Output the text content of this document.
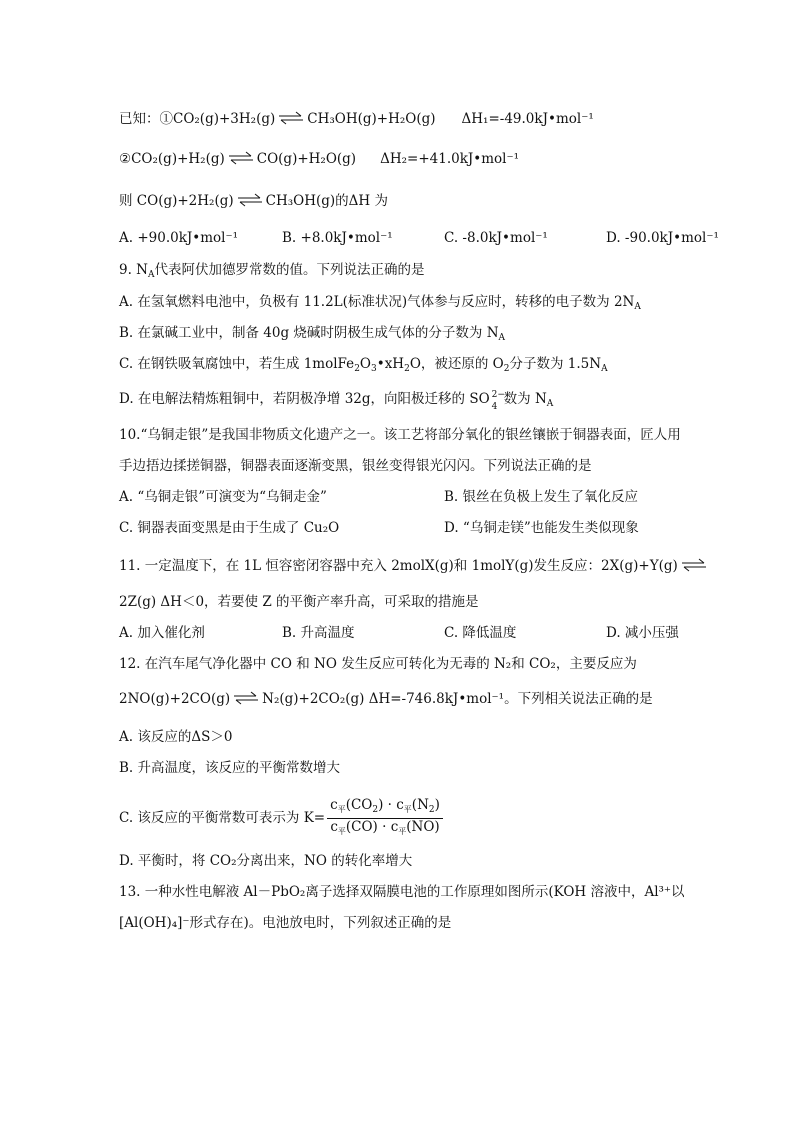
已知：①CO₂(g)+3H₂(g) CH₃OH(g)+H₂O(g) ΔH₁=-49.0kJ•mol⁻¹
②CO₂(g)+H₂(g) CO(g)+H₂O(g) ΔH₂=+41.0kJ•mol⁻¹
则 CO(g)+2H₂(g) CH₃OH(g)的ΔH 为
A. +90.0kJ•mol⁻¹	B. +8.0kJ•mol⁻¹	C. -8.0kJ•mol⁻¹	D. -90.0kJ•mol⁻¹
9. $N_A$代表阿伏加德罗常数的值。下列说法正确的是
A. 在氢氧燃料电池中，负极有 11.2L(标准状况)气体参与反应时，转移的电子数为 $2N_A$
B. 在氯碱工业中，制备 40g 烧碱时阴极生成气体的分子数为 $N_A$
C. 在钢铁吸氧腐蚀中，若生成 $1molFe_2O_3•xH_2O$，被还原的 $O_2$分子数为 $1.5N_A$
D. 在电解法精炼粗铜中，若阴极净增 32g，向阳极迁移的 SO 2−
4 数为 $N_A$
10.“乌铜走银”是我国非物质文化遗产之一。该工艺将部分氧化的银丝镶嵌于铜器表面，匠人用
手边捂边揉搓铜器，铜器表面逐渐变黑，银丝变得银光闪闪。下列说法正确的是
A. “乌铜走银”可演变为“乌铜走金”	B. 银丝在负极上发生了氧化反应
C. 铜器表面变黑是由于生成了 Cu₂O	D. “乌铜走镁”也能发生类似现象
11. 一定温度下，在 1L 恒容密闭容器中充入 2molX(g)和 1molY(g)发生反应：2X(g)+Y(g)
2Z(g) ΔH＜0，若要使 Z 的平衡产率升高，可采取的措施是
A. 加入催化剂	B. 升高温度	C. 降低温度	D. 减小压强
12. 在汽车尾气净化器中 CO 和 NO 发生反应可转化为无毒的 N₂和 CO₂，主要反应为
2NO(g)+2CO(g) N₂(g)+2CO₂(g) ΔH=-746.8kJ•mol⁻¹。下列相关说法正确的是
A. 该反应的ΔS＞0
B. 升高温度，该反应的平衡常数增大
C. 该反应的平衡常数可表示为 $K= \frac{c_平(CO_2) \cdot c_平(N_2)}{c_平(CO) \cdot c_平(NO)}$
D. 平衡时，将 CO₂分离出来，NO 的转化率增大
13. 一种水性电解液 Al－PbO₂离子选择双隔膜电池的工作原理如图所示(KOH 溶液中，Al³⁺以
[Al(OH)₄]⁻形式存在)。电池放电时，下列叙述正确的是
